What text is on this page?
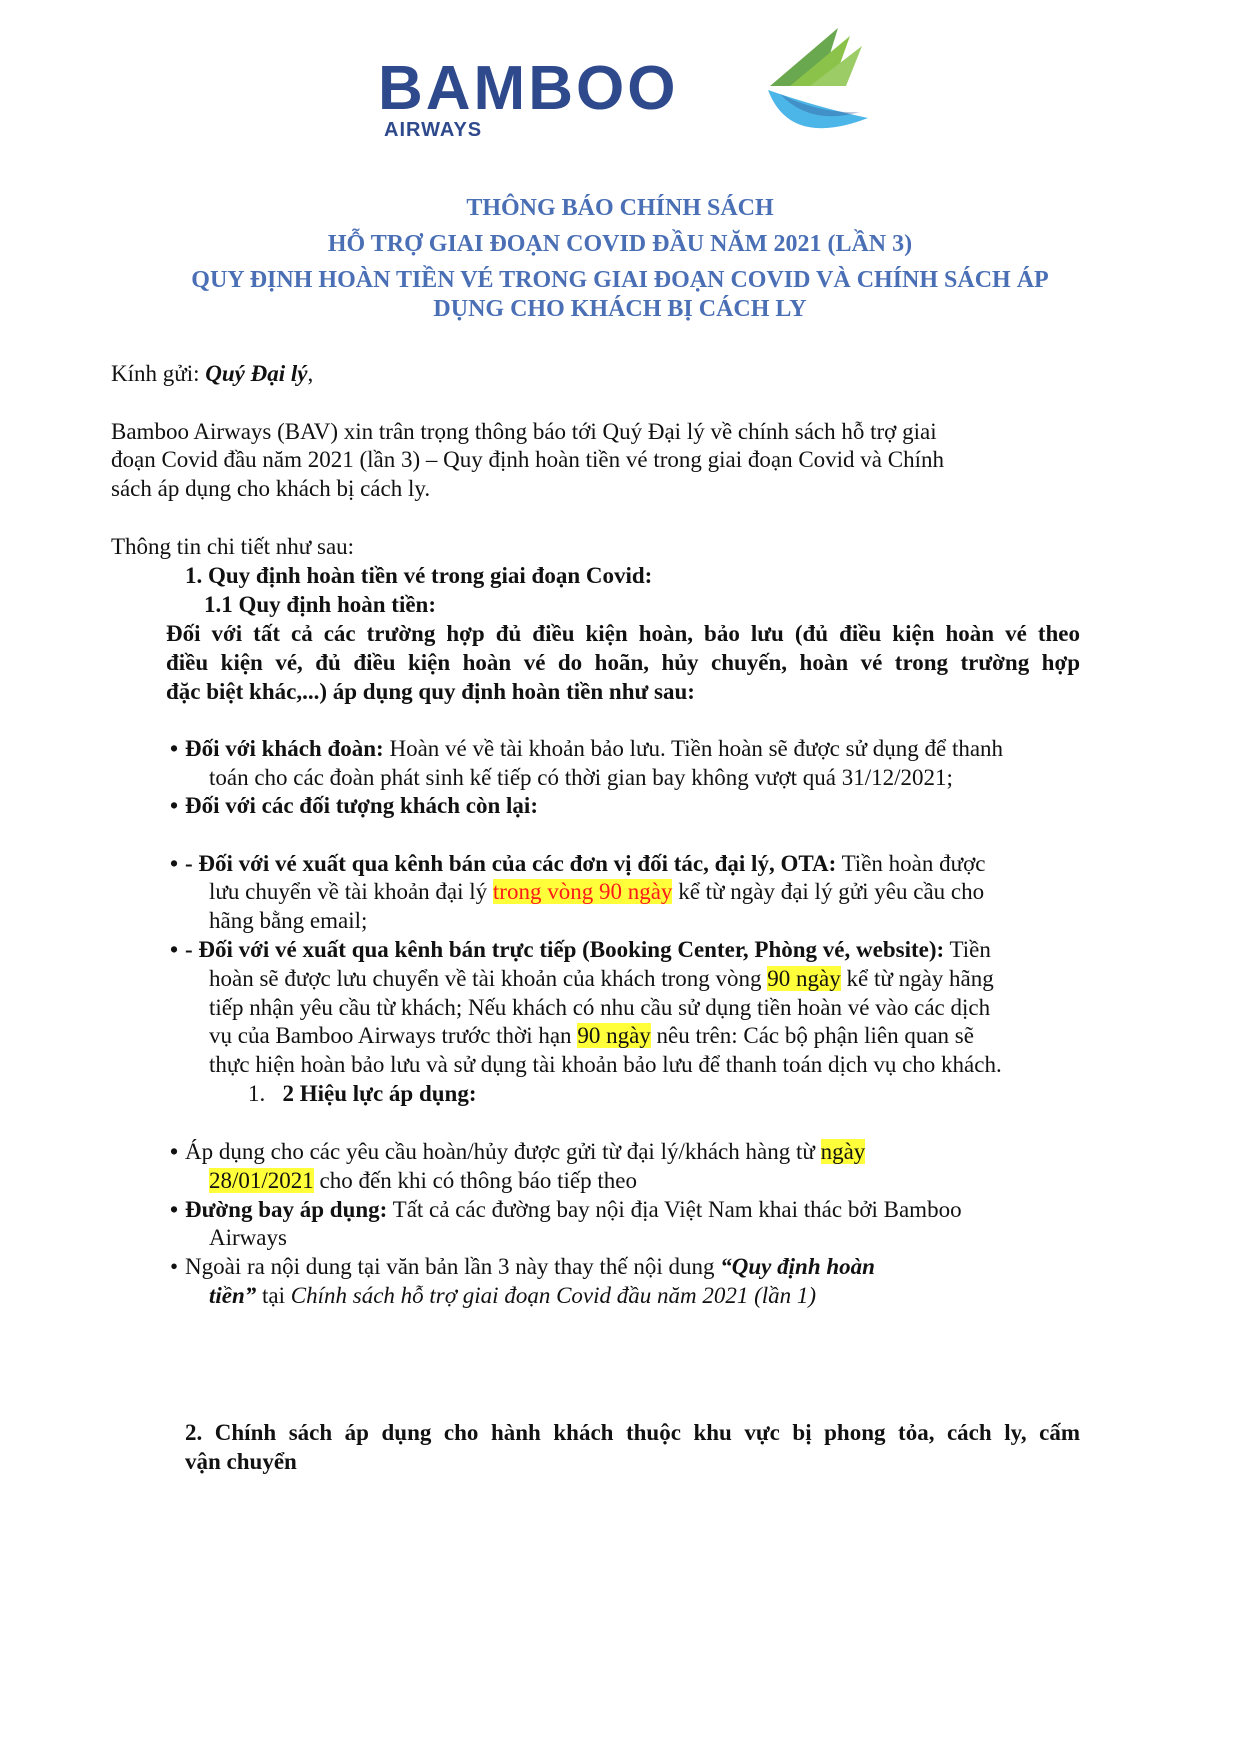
BAMBOO
AIRWAYS
THÔNG BÁO CHÍNH SÁCH
HỖ TRỢ GIAI ĐOẠN COVID ĐẦU NĂM 2021 (LẦN 3)
QUY ĐỊNH HOÀN TIỀN VÉ TRONG GIAI ĐOẠN COVID VÀ CHÍNH SÁCH ÁP
DỤNG CHO KHÁCH BỊ CÁCH LY
Kính gửi: Quý Đại lý,
Bamboo Airways (BAV) xin trân trọng thông báo tới Quý Đại lý về chính sách hỗ trợ giai
đoạn Covid đầu năm 2021 (lần 3) – Quy định hoàn tiền vé trong giai đoạn Covid và Chính
sách áp dụng cho khách bị cách ly.
Thông tin chi tiết như sau:
1. Quy định hoàn tiền vé trong giai đoạn Covid:
1.1 Quy định hoàn tiền:
Đối với tất cả các trường hợp đủ điều kiện hoàn, bảo lưu (đủ điều kiện hoàn vé theo
điều kiện vé, đủ điều kiện hoàn vé do hoãn, hủy chuyến, hoàn vé trong trường hợp
đặc biệt khác,...) áp dụng quy định hoàn tiền như sau:
• Đối với khách đoàn: Hoàn vé về tài khoản bảo lưu. Tiền hoàn sẽ được sử dụng để thanh
toán cho các đoàn phát sinh kế tiếp có thời gian bay không vượt quá 31/12/2021;
• Đối với các đối tượng khách còn lại:
• - Đối với vé xuất qua kênh bán của các đơn vị đối tác, đại lý, OTA: Tiền hoàn được
lưu chuyển về tài khoản đại lý trong vòng 90 ngày kể từ ngày đại lý gửi yêu cầu cho
hãng bằng email;
• - Đối với vé xuất qua kênh bán trực tiếp (Booking Center, Phòng vé, website): Tiền
hoàn sẽ được lưu chuyển về tài khoản của khách trong vòng 90 ngày kể từ ngày hãng
tiếp nhận yêu cầu từ khách; Nếu khách có nhu cầu sử dụng tiền hoàn vé vào các dịch
vụ của Bamboo Airways trước thời hạn 90 ngày nêu trên: Các bộ phận liên quan sẽ
thực hiện hoàn bảo lưu và sử dụng tài khoản bảo lưu để thanh toán dịch vụ cho khách.
1. 2 Hiệu lực áp dụng:
• Áp dụng cho các yêu cầu hoàn/hủy được gửi từ đại lý/khách hàng từ ngày
28/01/2021 cho đến khi có thông báo tiếp theo
• Đường bay áp dụng: Tất cả các đường bay nội địa Việt Nam khai thác bởi Bamboo
Airways
• Ngoài ra nội dung tại văn bản lần 3 này thay thế nội dung “Quy định hoàn
tiền” tại Chính sách hỗ trợ giai đoạn Covid đầu năm 2021 (lần 1)
2. Chính sách áp dụng cho hành khách thuộc khu vực bị phong tỏa, cách ly, cấm
vận chuyển
